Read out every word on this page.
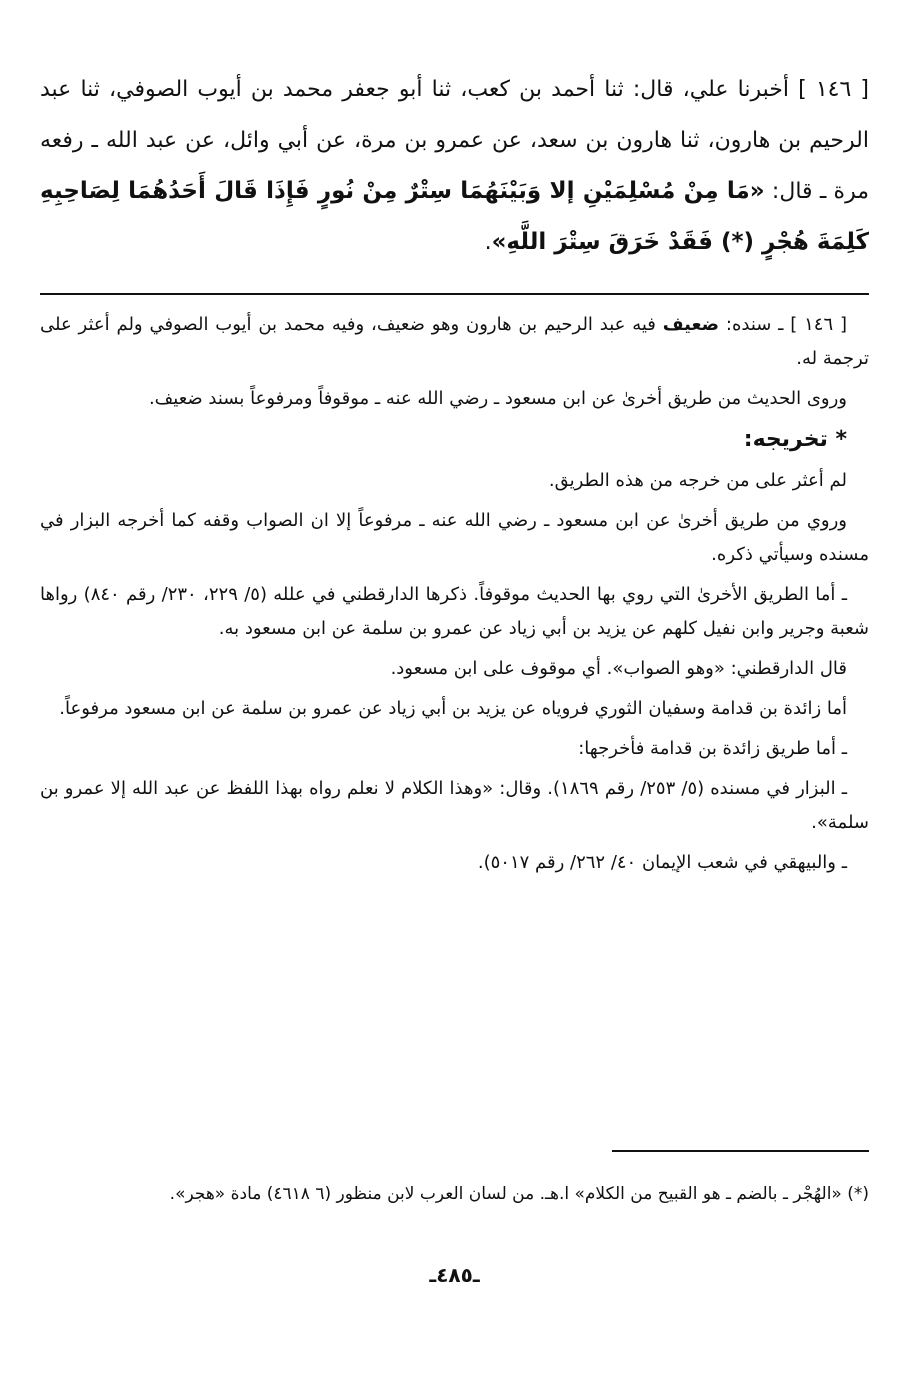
[ ١٤٦ ] أخبرنا علي، قال: ثنا أحمد بن كعب، ثنا أبو جعفر محمد بن أيوب الصوفي، ثنا عبد الرحيم بن هارون، ثنا هارون بن سعد، عن عمرو بن مرة، عن أبي وائل، عن عبد الله ـ رفعه مرة ـ قال: «مَا مِنْ مُسْلِمَيْنِ إلا وَبَيْنَهُمَا سِتْرٌ مِنْ نُورٍ فَإِذَا قَالَ أَحَدُهُمَا لِصَاحِبِهِ كَلِمَةَ هُجْرٍ (*) فَقَدْ خَرَقَ سِتْرَ اللَّهِ».

[ ١٤٦ ] ـ سنده: ضعيف فيه عبد الرحيم بن هارون وهو ضعيف، وفيه محمد بن أيوب الصوفي ولم أعثر على ترجمة له.

وروى الحديث من طريق أخرىٰ عن ابن مسعود ـ رضي الله عنه ـ موقوفاً ومرفوعاً بسند ضعيف.

* تخريجه:

لم أعثر على من خرجه من هذه الطريق.

وروي من طريق أخرىٰ عن ابن مسعود ـ رضي الله عنه ـ مرفوعاً إلا ان الصواب وقفه كما أخرجه البزار في مسنده وسيأتي ذكره.

ـ أما الطريق الأخرىٰ التي روي بها الحديث موقوفاً. ذكرها الدارقطني في علله (٥/ ٢٢٩، ٢٣٠/ رقم ٨٤٠) رواها شعبة وجرير وابن نفيل كلهم عن يزيد بن أبي زياد عن عمرو بن سلمة عن ابن مسعود به.

قال الدارقطني: «وهو الصواب». أي موقوف على ابن مسعود.

أما زائدة بن قدامة وسفيان الثوري فروياه عن يزيد بن أبي زياد عن عمرو بن سلمة عن ابن مسعود مرفوعاً.

ـ أما طريق زائدة بن قدامة فأخرجها:

ـ البزار في مسنده (٥/ ٢٥٣/ رقم ١٨٦٩). وقال: «وهذا الكلام لا نعلم رواه بهذا اللفظ عن عبد الله إلا عمرو بن سلمة».

ـ والبيهقي في شعب الإيمان ٤٠/ ٢٦٢/ رقم ٥٠١٧).

(*) «الهُجْر ـ بالضم ـ هو القبيح من الكلام» ا.هـ. من لسان العرب لابن منظور (٦ ٤٦١٨) مادة «هجر».

ـ٤٨٥ـ
